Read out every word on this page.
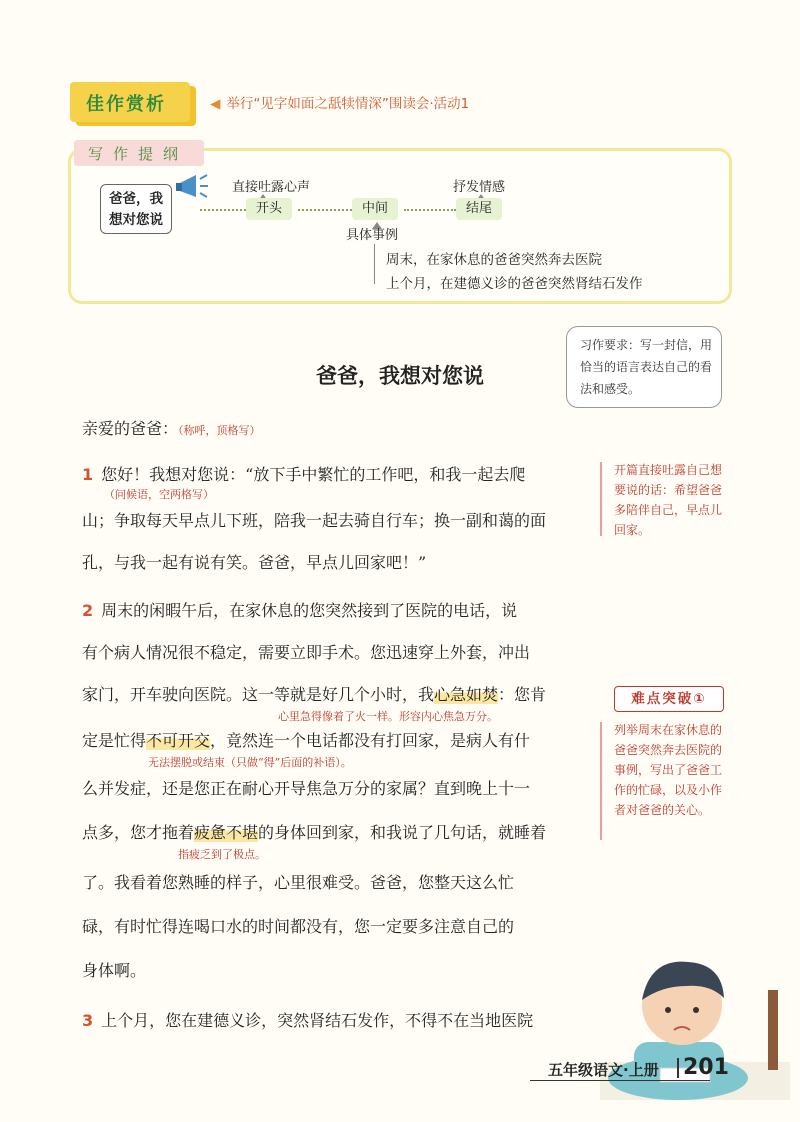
佳作赏析	◀ 举行“见字如面之舐犊情深”围读会·活动1
写作提纲
爸爸，我
想对您说
直接吐露心声	抒发情感
开头	中间	结尾
具体事例
周末，在家休息的爸爸突然奔去医院
上个月，在建德义诊的爸爸突然肾结石发作
习作要求：写一封信，用恰当的语言表达自己的看法和感受。
爸爸，我想对您说
亲爱的爸爸：（称呼，顶格写）
1 您好！我想对您说：“放下手中繁忙的工作吧，和我一起去爬
（问候语，空两格写）
山；争取每天早点儿下班，陪我一起去骑自行车；换一副和蔼的面
孔，与我一起有说有笑。爸爸，早点儿回家吧！”
2 周末的闲暇午后，在家休息的您突然接到了医院的电话，说
有个病人情况很不稳定，需要立即手术。您迅速穿上外套，冲出
家门，开车驶向医院。这一等就是好几个小时，我心急如焚：您肯
心里急得像着了火一样。形容内心焦急万分。
定是忙得不可开交，竟然连一个电话都没有打回家，是病人有什
无法摆脱或结束（只做“得”后面的补语）。
么并发症，还是您正在耐心开导焦急万分的家属？直到晚上十一
点多，您才拖着疲惫不堪的身体回到家，和我说了几句话，就睡着
指疲乏到了极点。
了。我看着您熟睡的样子，心里很难受。爸爸，您整天这么忙
碌，有时忙得连喝口水的时间都没有，您一定要多注意自己的
身体啊。
3 上个月，您在建德义诊，突然肾结石发作，不得不在当地医院
开篇直接吐露自己想要说的话：希望爸爸多陪伴自己，早点儿回家。
难点突破①
列举周末在家休息的爸爸突然奔去医院的事例，写出了爸爸工作的忙碌，以及小作者对爸爸的关心。
五年级语文·上册 201
